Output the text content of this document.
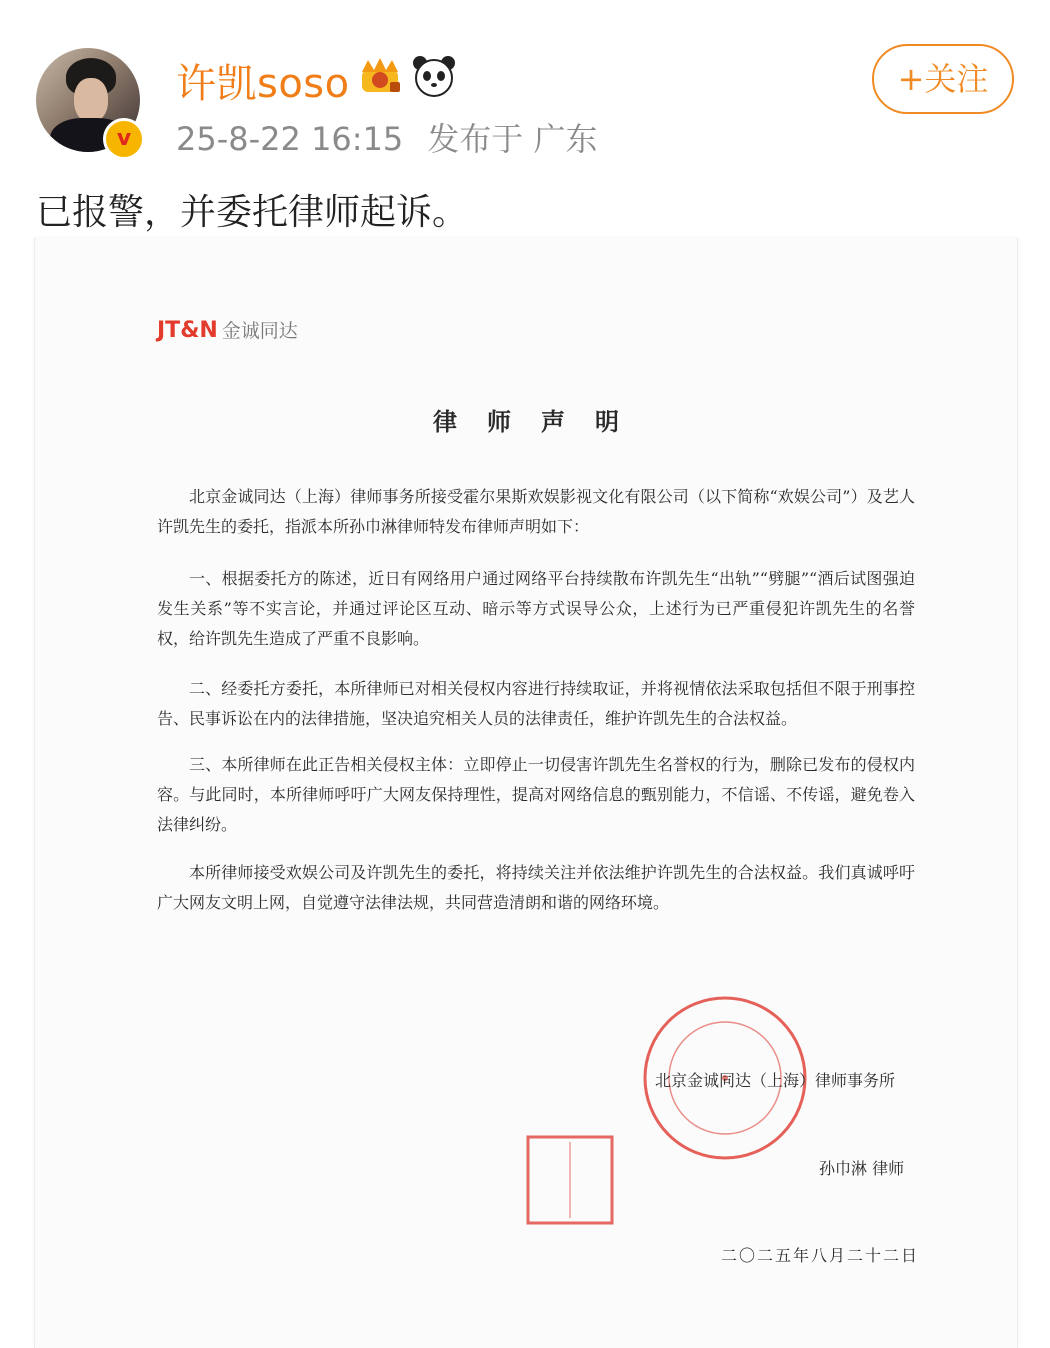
v
许凯soso
25-8-22 16:15 发布于 广东
+关注
已报警，并委托律师起诉。
JT&N 金诚同达
律师声明

北京金诚同达（上海）律师事务所接受霍尔果斯欢娱影视文化有限公司（以下简称“欢娱公司”）及艺人许凯先生的委托，指派本所孙巾淋律师特发布律师声明如下：

一、根据委托方的陈述，近日有网络用户通过网络平台持续散布许凯先生“出轨”“劈腿”“酒后试图强迫发生关系”等不实言论，并通过评论区互动、暗示等方式误导公众，上述行为已严重侵犯许凯先生的名誉权，给许凯先生造成了严重不良影响。

二、经委托方委托，本所律师已对相关侵权内容进行持续取证，并将视情依法采取包括但不限于刑事控告、民事诉讼在内的法律措施，坚决追究相关人员的法律责任，维护许凯先生的合法权益。

三、本所律师在此正告相关侵权主体：立即停止一切侵害许凯先生名誉权的行为，删除已发布的侵权内容。与此同时，本所律师呼吁广大网友保持理性，提高对网络信息的甄别能力，不信谣、不传谣，避免卷入法律纠纷。

本所律师接受欢娱公司及许凯先生的委托，将持续关注并依法维护许凯先生的合法权益。我们真诚呼吁广大网友文明上网，自觉遵守法律法规，共同营造清朗和谐的网络环境。

北京金诚同达（上海）律师事务所
孙巾淋 律师
二〇二五年八月二十二日
